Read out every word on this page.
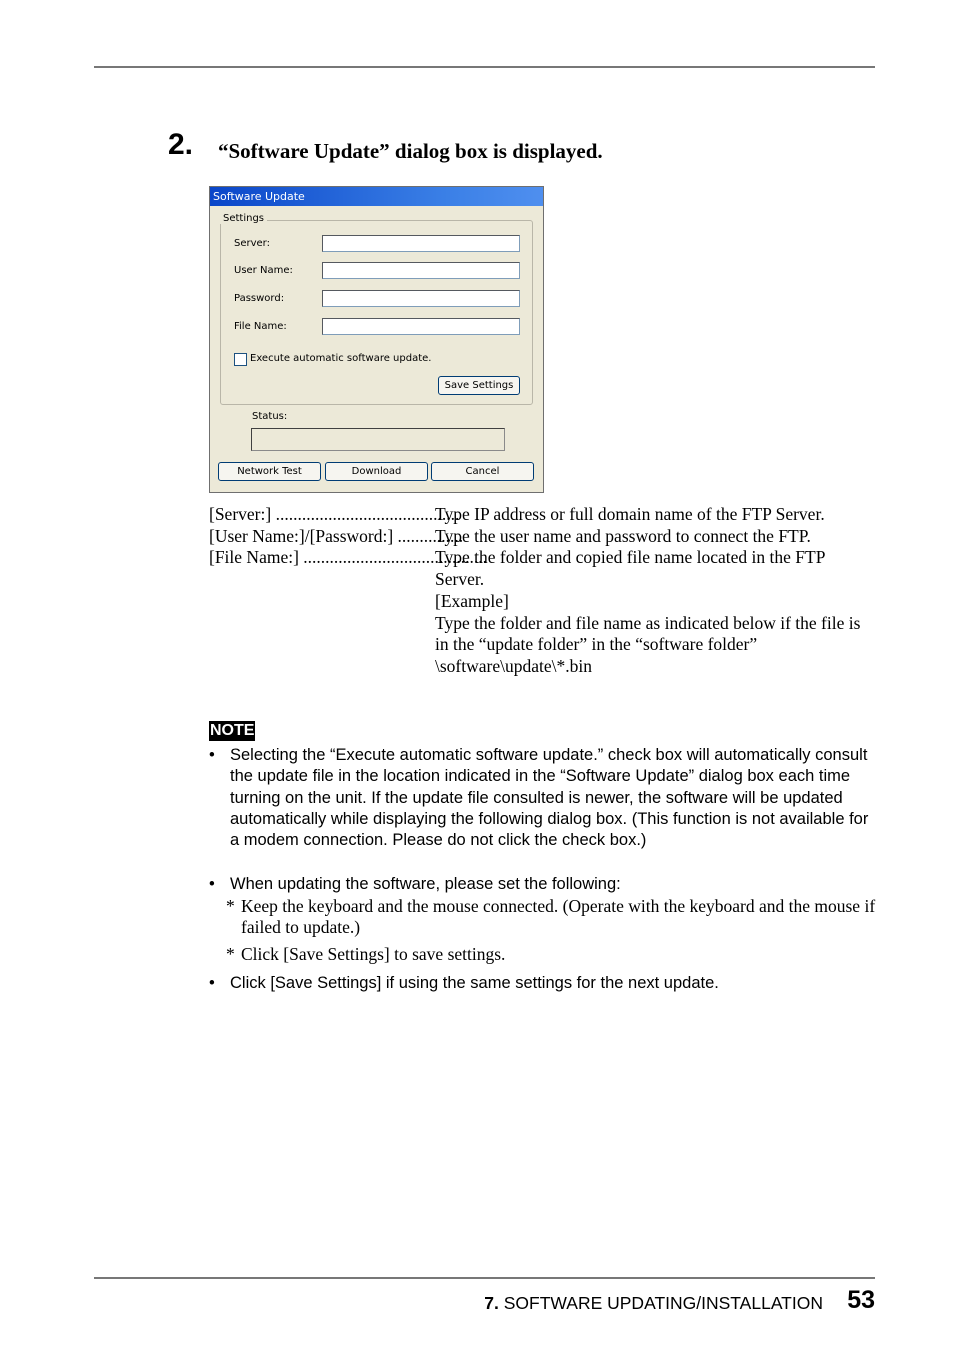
2. “Software Update” dialog box is displayed.
Software Update
Settings
Server:
User Name:
Password:
File Name:
Execute automatic software update.
Save Settings
Status:
Network Test	Download	Cancel
[Server:] ..........................................
Type IP address or full domain name of the FTP Server.
[User Name:]/[Password:] ...............
Type the user name and password to connect the FTP.
[File Name:] ..........................................
Type the folder and copied file name located in the FTP Server.
[Example]
Type the folder and file name as indicated below if the file is in the “update folder” in the “software folder”
\software\update\*.bin
NOTE
• Selecting the “Execute automatic software update.” check box will automatically consult the update file in the location indicated in the “Software Update” dialog box each time turning on the unit. If the update file consulted is newer, the software will be updated automatically while displaying the following dialog box. (This function is not available for a modem connection. Please do not click the check box.)
• When updating the software, please set the following:
* Keep the keyboard and the mouse connected. (Operate with the keyboard and the mouse if failed to update.)
* Click [Save Settings] to save settings.
• Click [Save Settings] if using the same settings for the next update.
7. SOFTWARE UPDATING/INSTALLATION 53
